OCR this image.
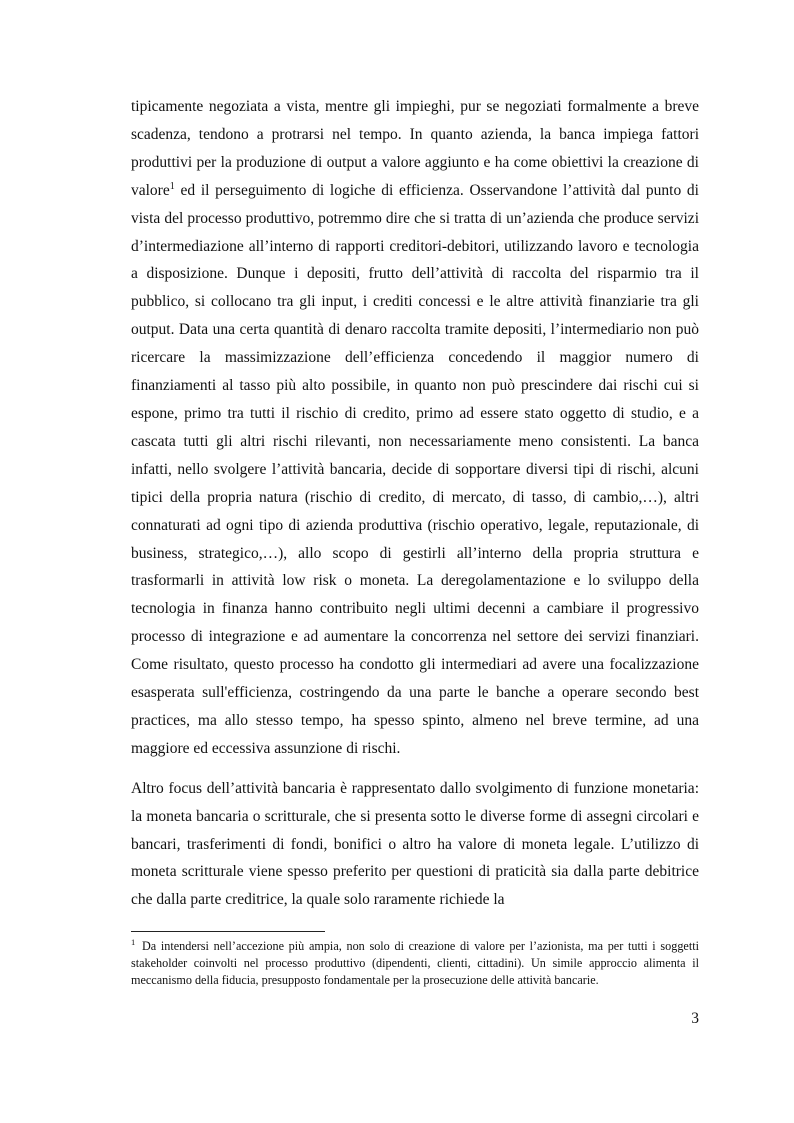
tipicamente negoziata a vista, mentre gli impieghi, pur se negoziati formalmente a breve scadenza, tendono a protrarsi nel tempo. In quanto azienda, la banca impiega fattori produttivi per la produzione di output a valore aggiunto e ha come obiettivi la creazione di valore$^1$ ed il perseguimento di logiche di efficienza. Osservandone l’attività dal punto di vista del processo produttivo, potremmo dire che si tratta di un’azienda che produce servizi d’intermediazione all’interno di rapporti creditori-debitori, utilizzando lavoro e tecnologia a disposizione. Dunque i depositi, frutto dell’attività di raccolta del risparmio tra il pubblico, si collocano tra gli input, i crediti concessi e le altre attività finanziarie tra gli output. Data una certa quantità di denaro raccolta tramite depositi, l’intermediario non può ricercare la massimizzazione dell’efficienza concedendo il maggior numero di finanziamenti al tasso più alto possibile, in quanto non può prescindere dai rischi cui si espone, primo tra tutti il rischio di credito, primo ad essere stato oggetto di studio, e a cascata tutti gli altri rischi rilevanti, non necessariamente meno consistenti. La banca infatti, nello svolgere l’attività bancaria, decide di sopportare diversi tipi di rischi, alcuni tipici della propria natura (rischio di credito, di mercato, di tasso, di cambio,…), altri connaturati ad ogni tipo di azienda produttiva (rischio operativo, legale, reputazionale, di business, strategico,…), allo scopo di gestirli all’interno della propria struttura e trasformarli in attività low risk o moneta. La deregolamentazione e lo sviluppo della tecnologia in finanza hanno contribuito negli ultimi decenni a cambiare il progressivo processo di integrazione e ad aumentare la concorrenza nel settore dei servizi finanziari. Come risultato, questo processo ha condotto gli intermediari ad avere una focalizzazione esasperata sull'efficienza, costringendo da una parte le banche a operare secondo best practices, ma allo stesso tempo, ha spesso spinto, almeno nel breve termine, ad una maggiore ed eccessiva assunzione di rischi.

Altro focus dell’attività bancaria è rappresentato dallo svolgimento di funzione monetaria: la moneta bancaria o scritturale, che si presenta sotto le diverse forme di assegni circolari e bancari, trasferimenti di fondi, bonifici o altro ha valore di moneta legale. L’utilizzo di moneta scritturale viene spesso preferito per questioni di praticità sia dalla parte debitrice che dalla parte creditrice, la quale solo raramente richiede la

$^1$ Da intendersi nell’accezione più ampia, non solo di creazione di valore per l’azionista, ma per tutti i soggetti stakeholder coinvolti nel processo produttivo (dipendenti, clienti, cittadini). Un simile approccio alimenta il meccanismo della fiducia, presupposto fondamentale per la prosecuzione delle attività bancarie.

3
